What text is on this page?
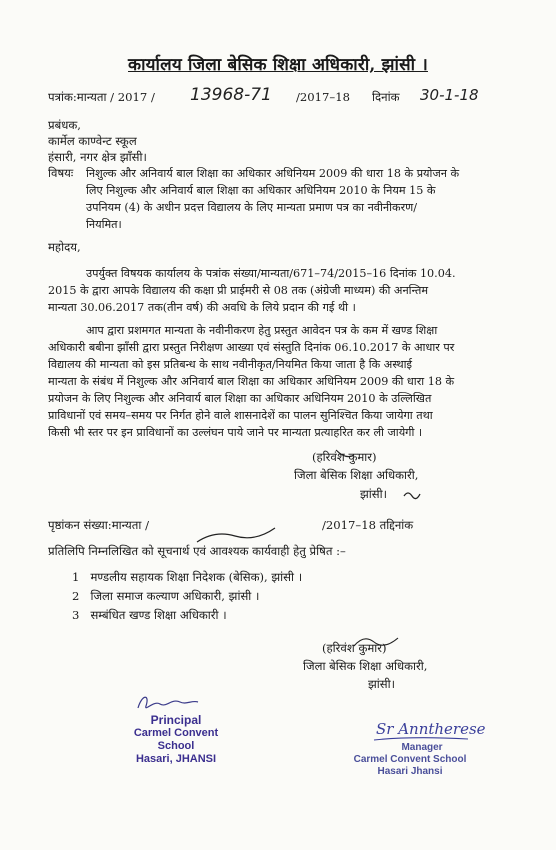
कार्यालय जिला बेसिक शिक्षा अधिकारी, झांसी ।
पत्रांक:मान्यता / 2017 / 13968-71 /2017–18 दिनांक 30-1-18
प्रबंधक,
कार्मेल काण्वेन्ट स्कूल
हंसारी, नगर क्षेत्र झाँसी।
विषयः निशुल्क और अनिवार्य बाल शिक्षा का अधिकार अधिनियम 2009 की धारा 18 के प्रयोजन के
लिए निशुल्क और अनिवार्य बाल शिक्षा का अधिकार अधिनियम 2010 के नियम 15 के
उपनियम (4) के अधीन प्रदत्त विद्यालय के लिए मान्यता प्रमाण पत्र का नवीनीकरण/
नियमित।
महोदय,
उपर्युक्त विषयक कार्यालय के पत्रांक संख्या/मान्यता/671–74/2015–16 दिनांक 10.04.
2015 के द्वारा आपके विद्यालय की कक्षा प्री प्राईमरी से 08 तक (अंग्रेजी माध्यम) की अनन्तिम
मान्यता 30.06.2017 तक(तीन वर्ष) की अवधि के लिये प्रदान की गई थी ।
आप द्वारा प्रशमगत मान्यता के नवीनीकरण हेतु प्रस्तुत आवेदन पत्र के कम में खण्ड शिक्षा
अधिकारी बबीना झाँसी द्वारा प्रस्तुत निरीक्षण आख्या एवं संस्तुति दिनांक 06.10.2017 के आधार पर
विद्यालय की मान्यता को इस प्रतिबन्ध के साथ नवीनीकृत/नियमित किया जाता है कि अस्थाई
मान्यता के संबंध में निशुल्क और अनिवार्य बाल शिक्षा का अधिकार अधिनियम 2009 की धारा 18 के
प्रयोजन के लिए निशुल्क और अनिवार्य बाल शिक्षा का अधिकार अधिनियम 2010 के उल्लिखित
प्राविधानों एवं समय–समय पर निर्गत होने वाले शासनादेशें का पालन सुनिश्चित किया जायेगा तथा
किसी भी स्तर पर इन प्राविधानों का उल्लंघन पाये जाने पर मान्यता प्रत्याहरित कर ली जायेगी ।
(हरिवंश कुमार)
जिला बेसिक शिक्षा अधिकारी,
झांसी।
पृष्ठांकन संख्या:मान्यता /	/2017–18 तद्दिनांक
प्रतिलिपि निम्नलिखित को सूचनार्थ एवं आवश्यक कार्यवाही हेतु प्रेषित :–
1 मण्डलीय सहायक शिक्षा निदेशक (बेसिक), झांसी ।
2 जिला समाज कल्याण अधिकारी, झांसी ।
3 सम्बंधित खण्ड शिक्षा अधिकारी ।
(हरिवंश कुमार)
जिला बेसिक शिक्षा अधिकारी,
झांसी।
Principal
Carmel Convent School
Hasari, JHANSI
Sr Anntherese
Manager
Carmel Convent School
Hasari Jhansi
